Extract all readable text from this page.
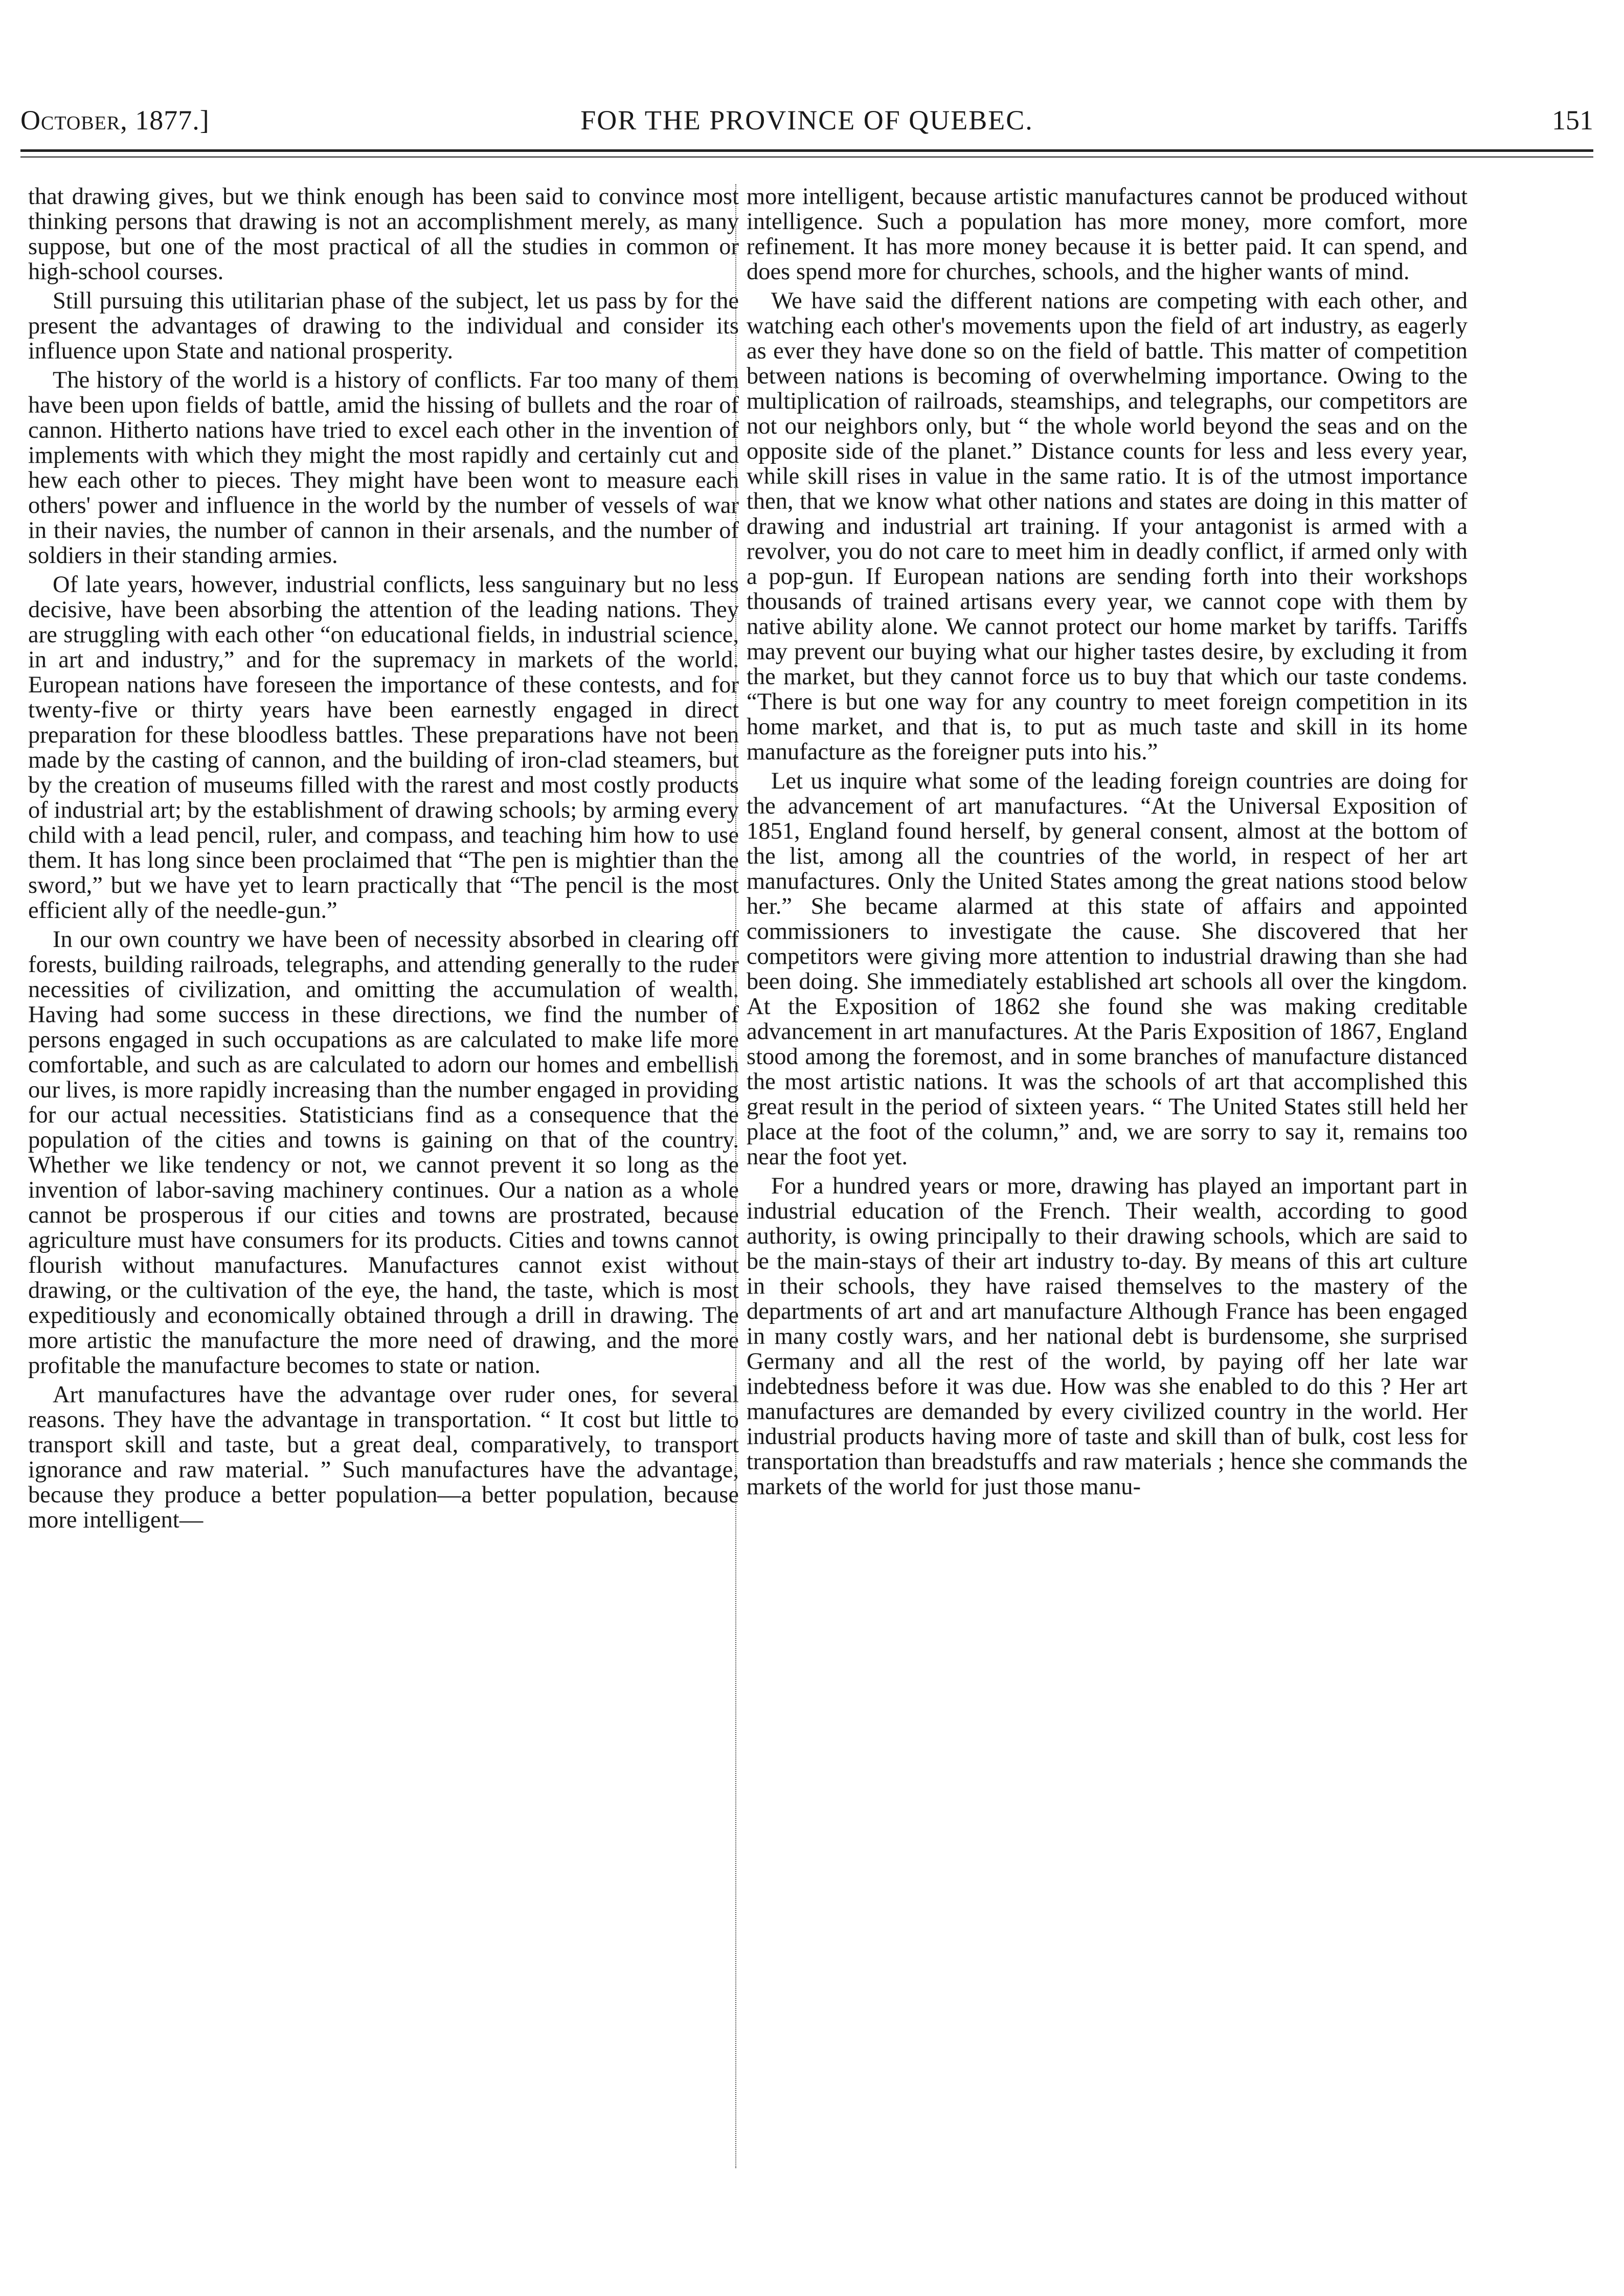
October, 1877.]	FOR THE PROVINCE OF QUEBEC.	151

that drawing gives, but we think enough has been said to convince most thinking persons that drawing is not an accomplishment merely, as many suppose, but one of the most practical of all the studies in common or high-school courses.

Still pursuing this utilitarian phase of the subject, let us pass by for the present the advantages of drawing to the individual and consider its influence upon State and national prosperity.

The history of the world is a history of conflicts. Far too many of them have been upon fields of battle, amid the hissing of bullets and the roar of cannon. Hitherto nations have tried to excel each other in the invention of implements with which they might the most rapidly and certainly cut and hew each other to pieces. They might have been wont to measure each others' power and influence in the world by the number of vessels of war in their navies, the number of cannon in their arsenals, and the number of soldiers in their standing armies.

Of late years, however, industrial conflicts, less sanguinary but no less decisive, have been absorbing the attention of the leading nations. They are struggling with each other “on educational fields, in industrial science, in art and industry,” and for the supremacy in markets of the world. European nations have foreseen the importance of these contests, and for twenty-five or thirty years have been earnestly engaged in direct preparation for these bloodless battles. These preparations have not been made by the casting of cannon, and the building of iron-clad steamers, but by the creation of museums filled with the rarest and most costly products of industrial art; by the establishment of drawing schools; by arming every child with a lead pencil, ruler, and compass, and teaching him how to use them. It has long since been proclaimed that “The pen is mightier than the sword,” but we have yet to learn practically that “The pencil is the most efficient ally of the needle-gun.”

In our own country we have been of necessity absorbed in clearing off forests, building railroads, telegraphs, and attending generally to the ruder necessities of civilization, and omitting the accumulation of wealth. Having had some success in these directions, we find the number of persons engaged in such occupations as are calculated to make life more comfortable, and such as are calculated to adorn our homes and embellish our lives, is more rapidly increasing than the number engaged in providing for our actual necessities. Statisticians find as a consequence that the population of the cities and towns is gaining on that of the country. Whether we like tendency or not, we cannot prevent it so long as the invention of labor-saving machinery continues. Our a nation as a whole cannot be prosperous if our cities and towns are prostrated, because agriculture must have consumers for its products. Cities and towns cannot flourish without manufactures. Manufactures cannot exist without drawing, or the cultivation of the eye, the hand, the taste, which is most expeditiously and economically obtained through a drill in drawing. The more artistic the manufacture the more need of drawing, and the more profitable the manufacture becomes to state or nation.

Art manufactures have the advantage over ruder ones, for several reasons. They have the advantage in transportation. “ It cost but little to transport skill and taste, but a great deal, comparatively, to transport ignorance and raw material. ” Such manufactures have the advantage, because they produce a better population—a better population, because more intelligent—

more intelligent, because artistic manufactures cannot be produced without intelligence. Such a population has more money, more comfort, more refinement. It has more money because it is better paid. It can spend, and does spend more for churches, schools, and the higher wants of mind.

We have said the different nations are competing with each other, and watching each other's movements upon the field of art industry, as eagerly as ever they have done so on the field of battle. This matter of competition between nations is becoming of overwhelming importance. Owing to the multiplication of railroads, steamships, and telegraphs, our competitors are not our neighbors only, but “ the whole world beyond the seas and on the opposite side of the planet.” Distance counts for less and less every year, while skill rises in value in the same ratio. It is of the utmost importance then, that we know what other nations and states are doing in this matter of drawing and industrial art training. If your antagonist is armed with a revolver, you do not care to meet him in deadly conflict, if armed only with a pop-gun. If European nations are sending forth into their workshops thousands of trained artisans every year, we cannot cope with them by native ability alone. We cannot protect our home market by tariffs. Tariffs may prevent our buying what our higher tastes desire, by excluding it from the market, but they cannot force us to buy that which our taste condems. “There is but one way for any country to meet foreign competition in its home market, and that is, to put as much taste and skill in its home manufacture as the foreigner puts into his.”

Let us inquire what some of the leading foreign countries are doing for the advancement of art manufactures. “At the Universal Exposition of 1851, England found herself, by general consent, almost at the bottom of the list, among all the countries of the world, in respect of her art manufactures. Only the United States among the great nations stood below her.” She became alarmed at this state of affairs and appointed commissioners to investigate the cause. She discovered that her competitors were giving more attention to industrial drawing than she had been doing. She immediately established art schools all over the kingdom. At the Exposition of 1862 she found she was making creditable advancement in art manufactures. At the Paris Exposition of 1867, England stood among the foremost, and in some branches of manufacture distanced the most artistic nations. It was the schools of art that accomplished this great result in the period of sixteen years. “ The United States still held her place at the foot of the column,” and, we are sorry to say it, remains too near the foot yet.

For a hundred years or more, drawing has played an important part in industrial education of the French. Their wealth, according to good authority, is owing principally to their drawing schools, which are said to be the main-stays of their art industry to-day. By means of this art culture in their schools, they have raised themselves to the mastery of the departments of art and art manufacture Although France has been engaged in many costly wars, and her national debt is burdensome, she surprised Germany and all the rest of the world, by paying off her late war indebtedness before it was due. How was she enabled to do this ? Her art manufactures are demanded by every civilized country in the world. Her industrial products having more of taste and skill than of bulk, cost less for transportation than breadstuffs and raw materials ; hence she commands the markets of the world for just those manu-
